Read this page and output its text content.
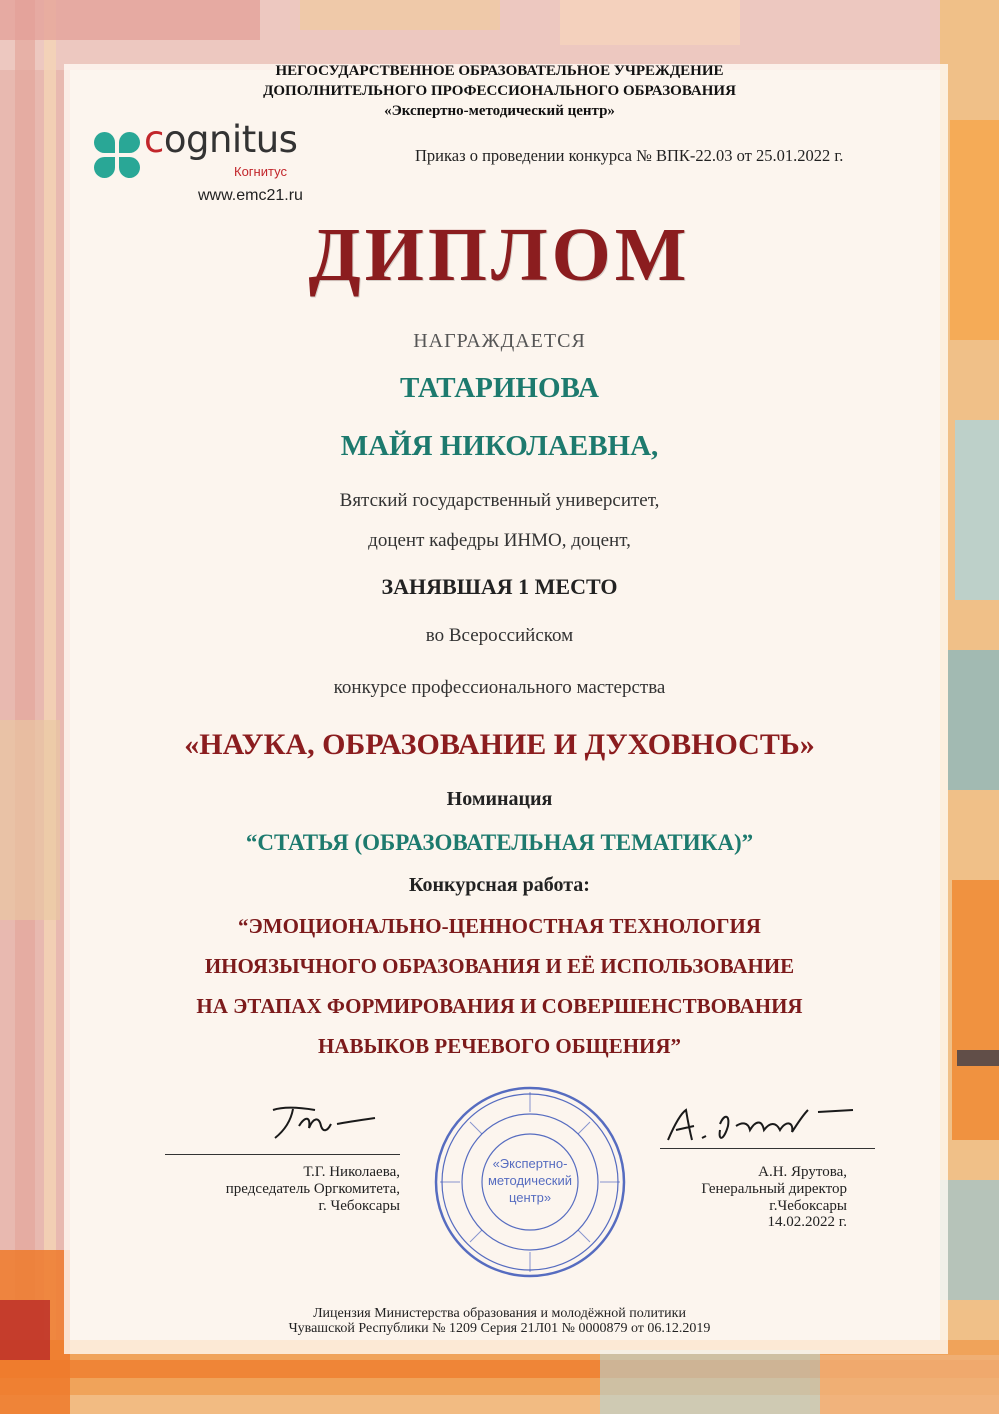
НЕГОСУДАРСТВЕННОЕ ОБРАЗОВАТЕЛЬНОЕ УЧРЕЖДЕНИЕ
ДОПОЛНИТЕЛЬНОГО ПРОФЕССИОНАЛЬНОГО ОБРАЗОВАНИЯ
«Экспертно-методический центр»
cognitus
Когнитус
www.emc21.ru
Приказ о проведении конкурса № ВПК-22.03 от 25.01.2022 г.
ДИПЛОМ
НАГРАЖДАЕТСЯ
ТАТАРИНОВА
МАЙЯ НИКОЛАЕВНА,
Вятский государственный университет,
доцент кафедры ИНМО, доцент,
ЗАНЯВШАЯ 1 МЕСТО
во Всероссийском
конкурсе профессионального мастерства
«НАУКА, ОБРАЗОВАНИЕ И ДУХОВНОСТЬ»
Номинация
“СТАТЬЯ (ОБРАЗОВАТЕЛЬНАЯ ТЕМАТИКА)”
Конкурсная работа:
“ЭМОЦИОНАЛЬНО-ЦЕННОСТНАЯ ТЕХНОЛОГИЯ
ИНОЯЗЫЧНОГО ОБРАЗОВАНИЯ И ЕЁ ИСПОЛЬЗОВАНИЕ
НА ЭТАПАХ ФОРМИРОВАНИЯ И СОВЕРШЕНСТВОВАНИЯ
НАВЫКОВ РЕЧЕВОГО ОБЩЕНИЯ”
Т.Г. Николаева,
председатель Оргкомитета,
г. Чебоксары
«Экспертно-
методический
центр»
А.Н. Ярутова,
Генеральный директор
г.Чебоксары
14.02.2022 г.
Лицензия Министерства образования и молодёжной политики
Чувашской Республики № 1209 Серия 21Л01 № 0000879 от 06.12.2019
